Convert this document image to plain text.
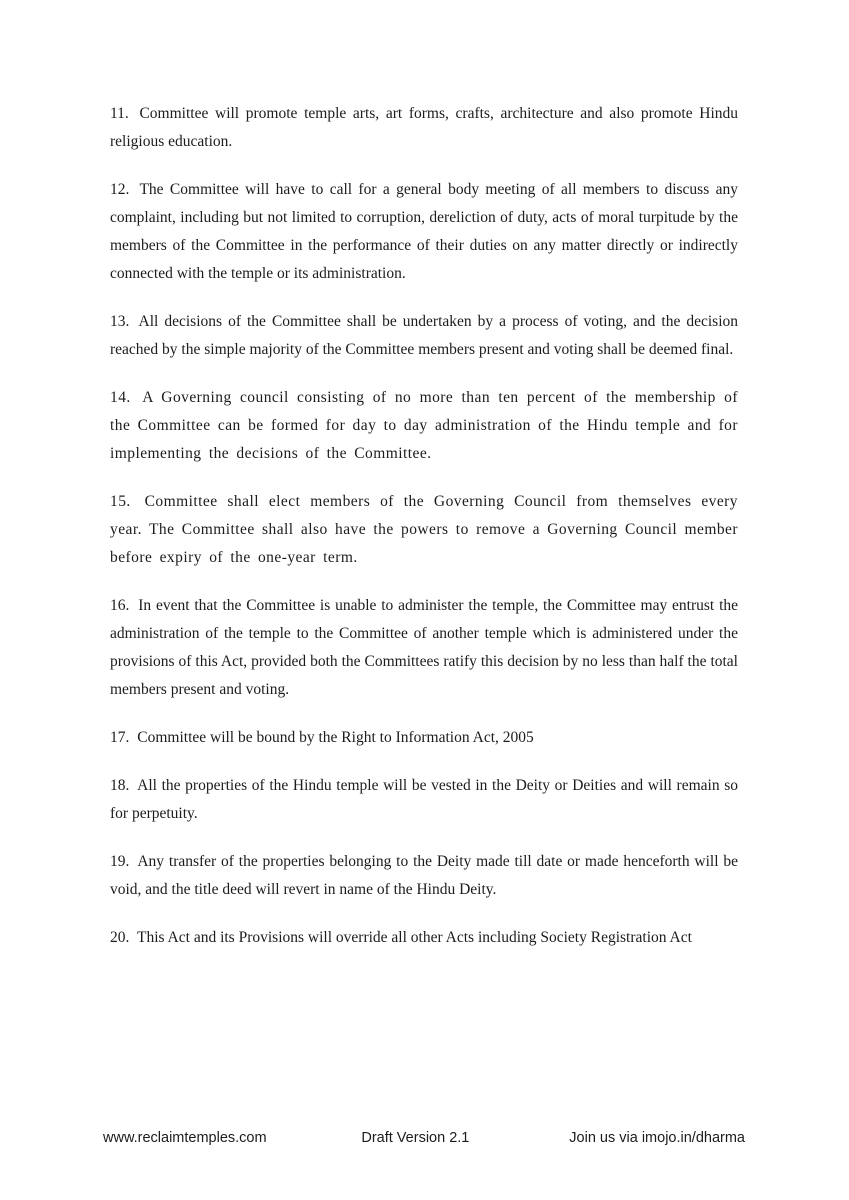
11. Committee will promote temple arts, art forms, crafts, architecture and also promote Hindu religious education.

12. The Committee will have to call for a general body meeting of all members to discuss any complaint, including but not limited to corruption, dereliction of duty, acts of moral turpitude by the members of the Committee in the performance of their duties on any matter directly or indirectly connected with the temple or its administration.

13. All decisions of the Committee shall be undertaken by a process of voting, and the decision reached by the simple majority of the Committee members present and voting shall be deemed final.

14. A Governing council consisting of no more than ten percent of the membership of the Committee can be formed for day to day administration of the Hindu temple and for implementing the decisions of the Committee.

15. Committee shall elect members of the Governing Council from themselves every year. The Committee shall also have the powers to remove a Governing Council member before expiry of the one-year term.

16. In event that the Committee is unable to administer the temple, the Committee may entrust the administration of the temple to the Committee of another temple which is administered under the provisions of this Act, provided both the Committees ratify this decision by no less than half the total members present and voting.

17. Committee will be bound by the Right to Information Act, 2005

18. All the properties of the Hindu temple will be vested in the Deity or Deities and will remain so for perpetuity.

19. Any transfer of the properties belonging to the Deity made till date or made henceforth will be void, and the title deed will revert in name of the Hindu Deity.

20. This Act and its Provisions will override all other Acts including Society Registration Act

www.reclaimtemples.com	Draft Version 2.1	Join us via imojo.in/dharma
